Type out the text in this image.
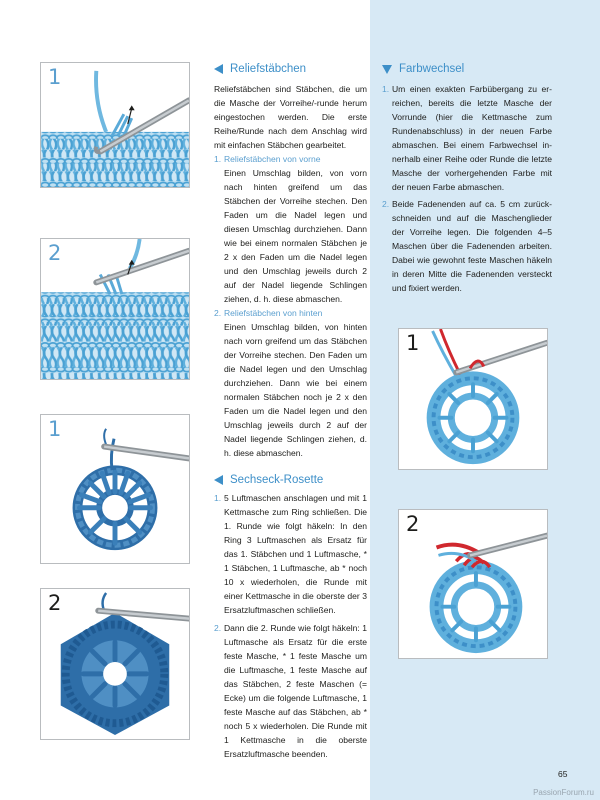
1
2
1
2
1
2
Reliefstäbchen

Reliefstäbchen sind Stäbchen, die um die Masche der Vorreihe/-runde herum eingestochen werden. Die erste Reihe/Runde nach dem Anschlag wird mit einfachen Stäbchen gearbeitet.

1. Reliefstäbchen von vorne

Einen Umschlag bilden, von vorn nach hinten greifend um das Stäbchen der Vorreihe stechen. Den Faden um die Nadel legen und diesen Umschlag durchziehen. Dann wie bei einem normalen Stäbchen je 2 x den Faden um die Nadel legen und den Umschlag jeweils durch 2 auf der Nadel liegende Schlingen ziehen, d. h. diese abmaschen.

2. Reliefstäbchen von hinten

Einen Umschlag bilden, von hinten nach vorn greifend um das Stäbchen der Vorreihe stechen. Den Faden um die Nadel legen und den Umschlag durchziehen. Dann wie bei einem normalen Stäbchen noch je 2 x den Faden um die Nadel legen und den Umschlag jeweils durch 2 auf der Nadel liegende Schlingen ziehen, d. h. diese abmaschen.

Sechseck-Rosette
1. 5 Luftmaschen anschlagen und mit 1 Kettmasche zum Ring schließen. Die 1. Runde wie folgt häkeln: In den Ring 3 Luftmaschen als Ersatz für das 1. Stäbchen und 1 Luftmasche, * 1 Stäbchen, 1 Luftmasche, ab * noch 10 x wiederholen, die Runde mit einer Kettmasche in die oberste der 3 Ersatzluftmaschen schließen.
2. Dann die 2. Runde wie folgt häkeln: 1 Luftmasche als Ersatz für die erste feste Masche, * 1 feste Masche um die Luftmasche, 1 feste Masche auf das Stäbchen, 2 feste Maschen (= Ecke) um die folgende Luftmasche, 1 feste Masche auf das Stäbchen, ab * noch 5 x wiederholen. Die Runde mit 1 Kettmasche in die oberste Ersatzluftmasche beenden.
Farbwechsel
1. Um einen exakten Farbübergang zu erreichen, bereits die letzte Masche der Vorrunde (hier die Kettmasche zum Rundenabschluss) in der neuen Farbe abmaschen. Bei einem Farbwechsel innerhalb einer Reihe oder Runde die letzte Masche der vorhergehenden Farbe mit der neuen Farbe abmaschen.
2. Beide Fadenenden auf ca. 5 cm zurückschneiden und auf die Maschenglieder der Vorreihe legen. Die folgenden 4–5 Maschen über die Fadenenden arbeiten. Dabei wie gewohnt feste Maschen häkeln in deren Mitte die Fadenenden versteckt und fixiert werden.
65
PassionForum.ru
